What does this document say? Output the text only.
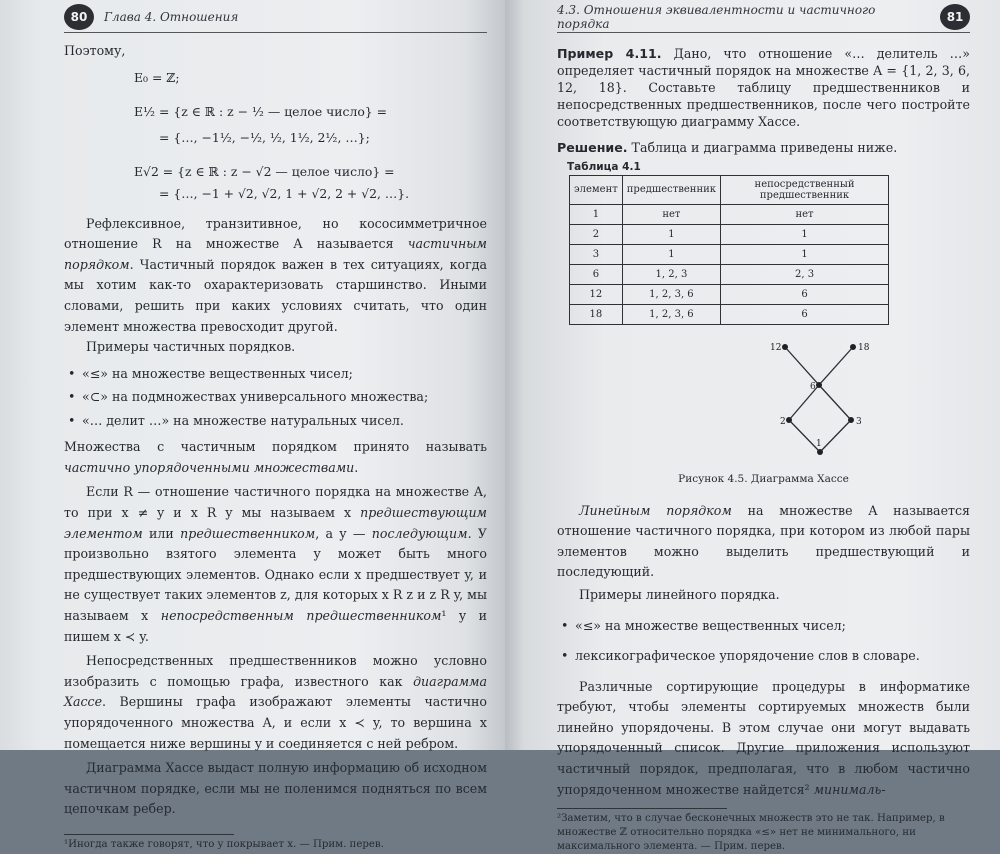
80	Глава 4. Отношения

Поэтому,

E₀ = ℤ;
E½ = {z ∈ ℝ : z − ½ — целое число} =
= {…, −1½, −½, ½, 1½, 2½, …};
E√2 = {z ∈ ℝ : z − √2 — целое число} =
= {…, −1 + √2, √2, 1 + √2, 2 + √2, …}.

Рефлексивное, транзитивное, но кососимметричное отношение R на множестве A называется частичным порядком. Частичный порядок важен в тех ситуациях, когда мы хотим как-то охарактеризовать старшинство. Иными словами, решить при каких условиях считать, что один элемент множества превосходит другой.

Примеры частичных порядков.

• «≤» на множестве вещественных чисел;
• «⊂» на подмножествах универсального множества;
• «… делит …» на множестве натуральных чисел.

Множества с частичным порядком принято называть частично упорядоченными множествами.

Если R — отношение частичного порядка на множестве A, то при x ≠ y и x R y мы называем x предшествующим элементом или предшественником, а y — последующим. У произвольно взятого элемента y может быть много предшествующих элементов. Однако если x предшествует y, и не существует таких элементов z, для которых x R z и z R y, мы называем x непосредственным предшественником¹ y и пишем x ≺ y.

Непосредственных предшественников можно условно изобразить с помощью графа, известного как диаграмма Хассе. Вершины графа изображают элементы частично упорядоченного множества A, и если x ≺ y, то вершина x помещается ниже вершины y и соединяется с ней ребром.

Диаграмма Хассе выдаст полную информацию об исходном частичном порядке, если мы не поленимся подняться по всем цепочкам ребер.

¹Иногда также говорят, что y покрывает x. — Прим. перев.

4.3. Отношения эквивалентности и частичного порядка	81

Пример 4.11. Дано, что отношение «… делитель …» определяет частичный порядок на множестве A = {1, 2, 3, 6, 12, 18}. Составьте таблицу предшественников и непосредственных предшественников, после чего постройте соответствующую диаграмму Хассе.

Решение. Таблица и диаграмма приведены ниже.

Таблица 4.1
элемент	предшественник	непосредственный предшественник
1	нет	нет
2	1	1
3	1	1
6	1, 2, 3	2, 3
12	1, 2, 3, 6	6
18	1, 2, 3, 6	6
12	18
6
2	3
1
Рисунок 4.5. Диаграмма Хассе

Линейным порядком на множестве A называется отношение частичного порядка, при котором из любой пары элементов можно выделить предшествующий и последующий.

Примеры линейного порядка.

• «≤» на множестве вещественных чисел;
• лексикографическое упорядочение слов в словаре.

Различные сортирующие процедуры в информатике требуют, чтобы элементы сортируемых множеств были линейно упорядочены. В этом случае они могут выдавать упорядоченный список. Другие приложения используют частичный порядок, предполагая, что в любом частично упорядоченном множестве найдется² минималь-

²Заметим, что в случае бесконечных множеств это не так. Например, в множестве ℤ относительно порядка «≤» нет не минимального, ни максимального элемента. — Прим. перев.
